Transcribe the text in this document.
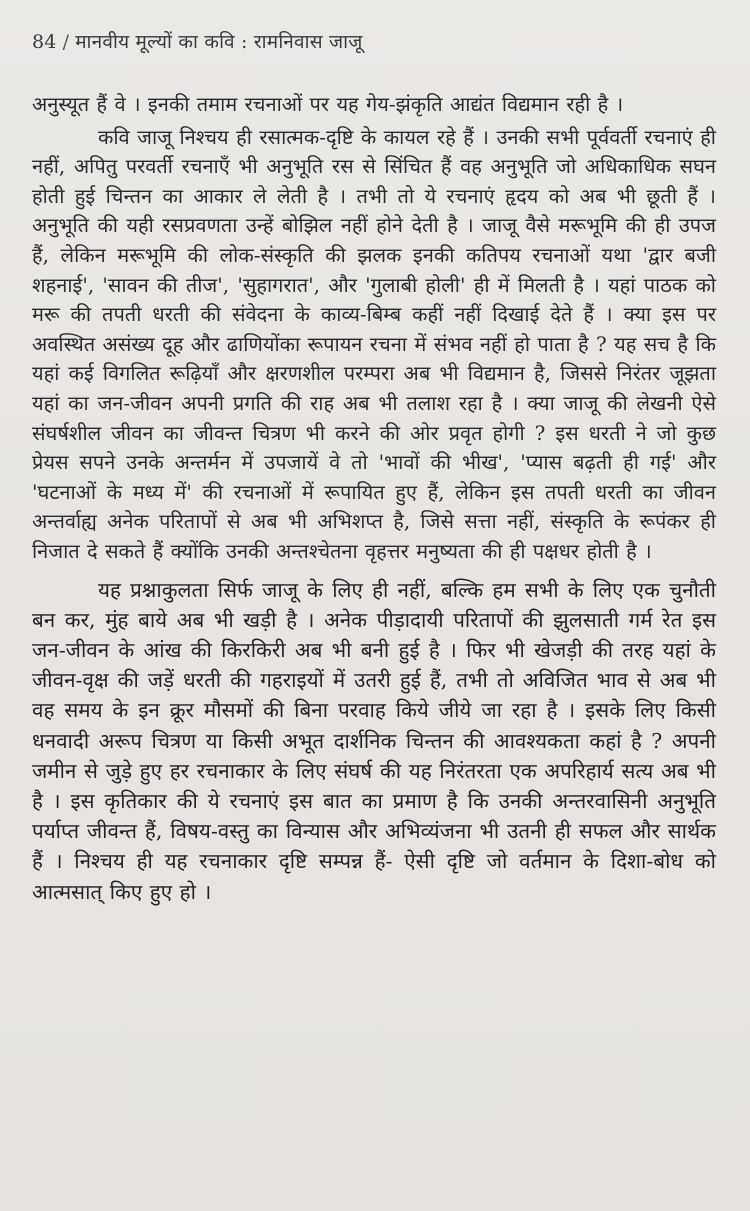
84 / मानवीय मूल्यों का कवि : रामनिवास जाजू

अनुस्यूत हैं वे । इनकी तमाम रचनाओं पर यह गेय-झंकृति आद्यंत विद्यमान रही है ।

कवि जाजू निश्चय ही रसात्मक-दृष्टि के कायल रहे हैं । उनकी सभी पूर्ववर्ती रचनाएं ही नहीं, अपितु परवर्ती रचनाएँ भी अनुभूति रस से सिंचित हैं वह अनुभूति जो अधिकाधिक सघन होती हुई चिन्तन का आकार ले लेती है । तभी तो ये रचनाएं हृदय को अब भी छूती हैं । अनुभूति की यही रसप्रवणता उन्हें बोझिल नहीं होने देती है । जाजू वैसे मरूभूमि की ही उपज हैं, लेकिन मरूभूमि की लोक-संस्कृति की झलक इनकी कतिपय रचनाओं यथा 'द्वार बजी शहनाई', 'सावन की तीज', 'सुहागरात', और 'गुलाबी होली' ही में मिलती है । यहां पाठक को मरू की तपती धरती की संवेदना के काव्य-बिम्ब कहीं नहीं दिखाई देते हैं । क्या इस पर अवस्थित असंख्य दूह और ढाणियोंका रूपायन रचना में संभव नहीं हो पाता है ? यह सच है कि यहां कई विगलित रूढ़ियाँ और क्षरणशील परम्परा अब भी विद्यमान है, जिससे निरंतर जूझता यहां का जन-जीवन अपनी प्रगति की राह अब भी तलाश रहा है । क्या जाजू की लेखनी ऐसे संघर्षशील जीवन का जीवन्त चित्रण भी करने की ओर प्रवृत होगी ? इस धरती ने जो कुछ प्रेयस सपने उनके अन्तर्मन में उपजायें वे तो 'भावों की भीख', 'प्यास बढ़ती ही गई' और 'घटनाओं के मध्य में' की रचनाओं में रूपायित हुए हैं, लेकिन इस तपती धरती का जीवन अन्तर्वाह्य अनेक परितापों से अब भी अभिशप्त है, जिसे सत्ता नहीं, संस्कृति के रूपंकर ही निजात दे सकते हैं क्योंकि उनकी अन्तश्चेतना वृहत्तर मनुष्यता की ही पक्षधर होती है ।

यह प्रश्नाकुलता सिर्फ जाजू के लिए ही नहीं, बल्कि हम सभी के लिए एक चुनौती बन कर, मुंह बाये अब भी खड़ी है । अनेक पीड़ादायी परितापों की झुलसाती गर्म रेत इस जन-जीवन के आंख की किरकिरी अब भी बनी हुई है । फिर भी खेजड़ी की तरह यहां के जीवन-वृक्ष की जड़ें धरती की गहराइयों में उतरी हुई हैं, तभी तो अविजित भाव से अब भी वह समय के इन क्रूर मौसमों की बिना परवाह किये जीये जा रहा है । इसके लिए किसी धनवादी अरूप चित्रण या किसी अभूत दार्शनिक चिन्तन की आवश्यकता कहां है ? अपनी जमीन से जुड़े हुए हर रचनाकार के लिए संघर्ष की यह निरंतरता एक अपरिहार्य सत्य अब भी है । इस कृतिकार की ये रचनाएं इस बात का प्रमाण है कि उनकी अन्तरवासिनी अनुभूति पर्याप्त जीवन्त हैं, विषय-वस्तु का विन्यास और अभिव्यंजना भी उतनी ही सफल और सार्थक हैं । निश्चय ही यह रचनाकार दृष्टि सम्पन्न हैं- ऐसी दृष्टि जो वर्तमान के दिशा-बोध को आत्मसात् किए हुए हो ।
